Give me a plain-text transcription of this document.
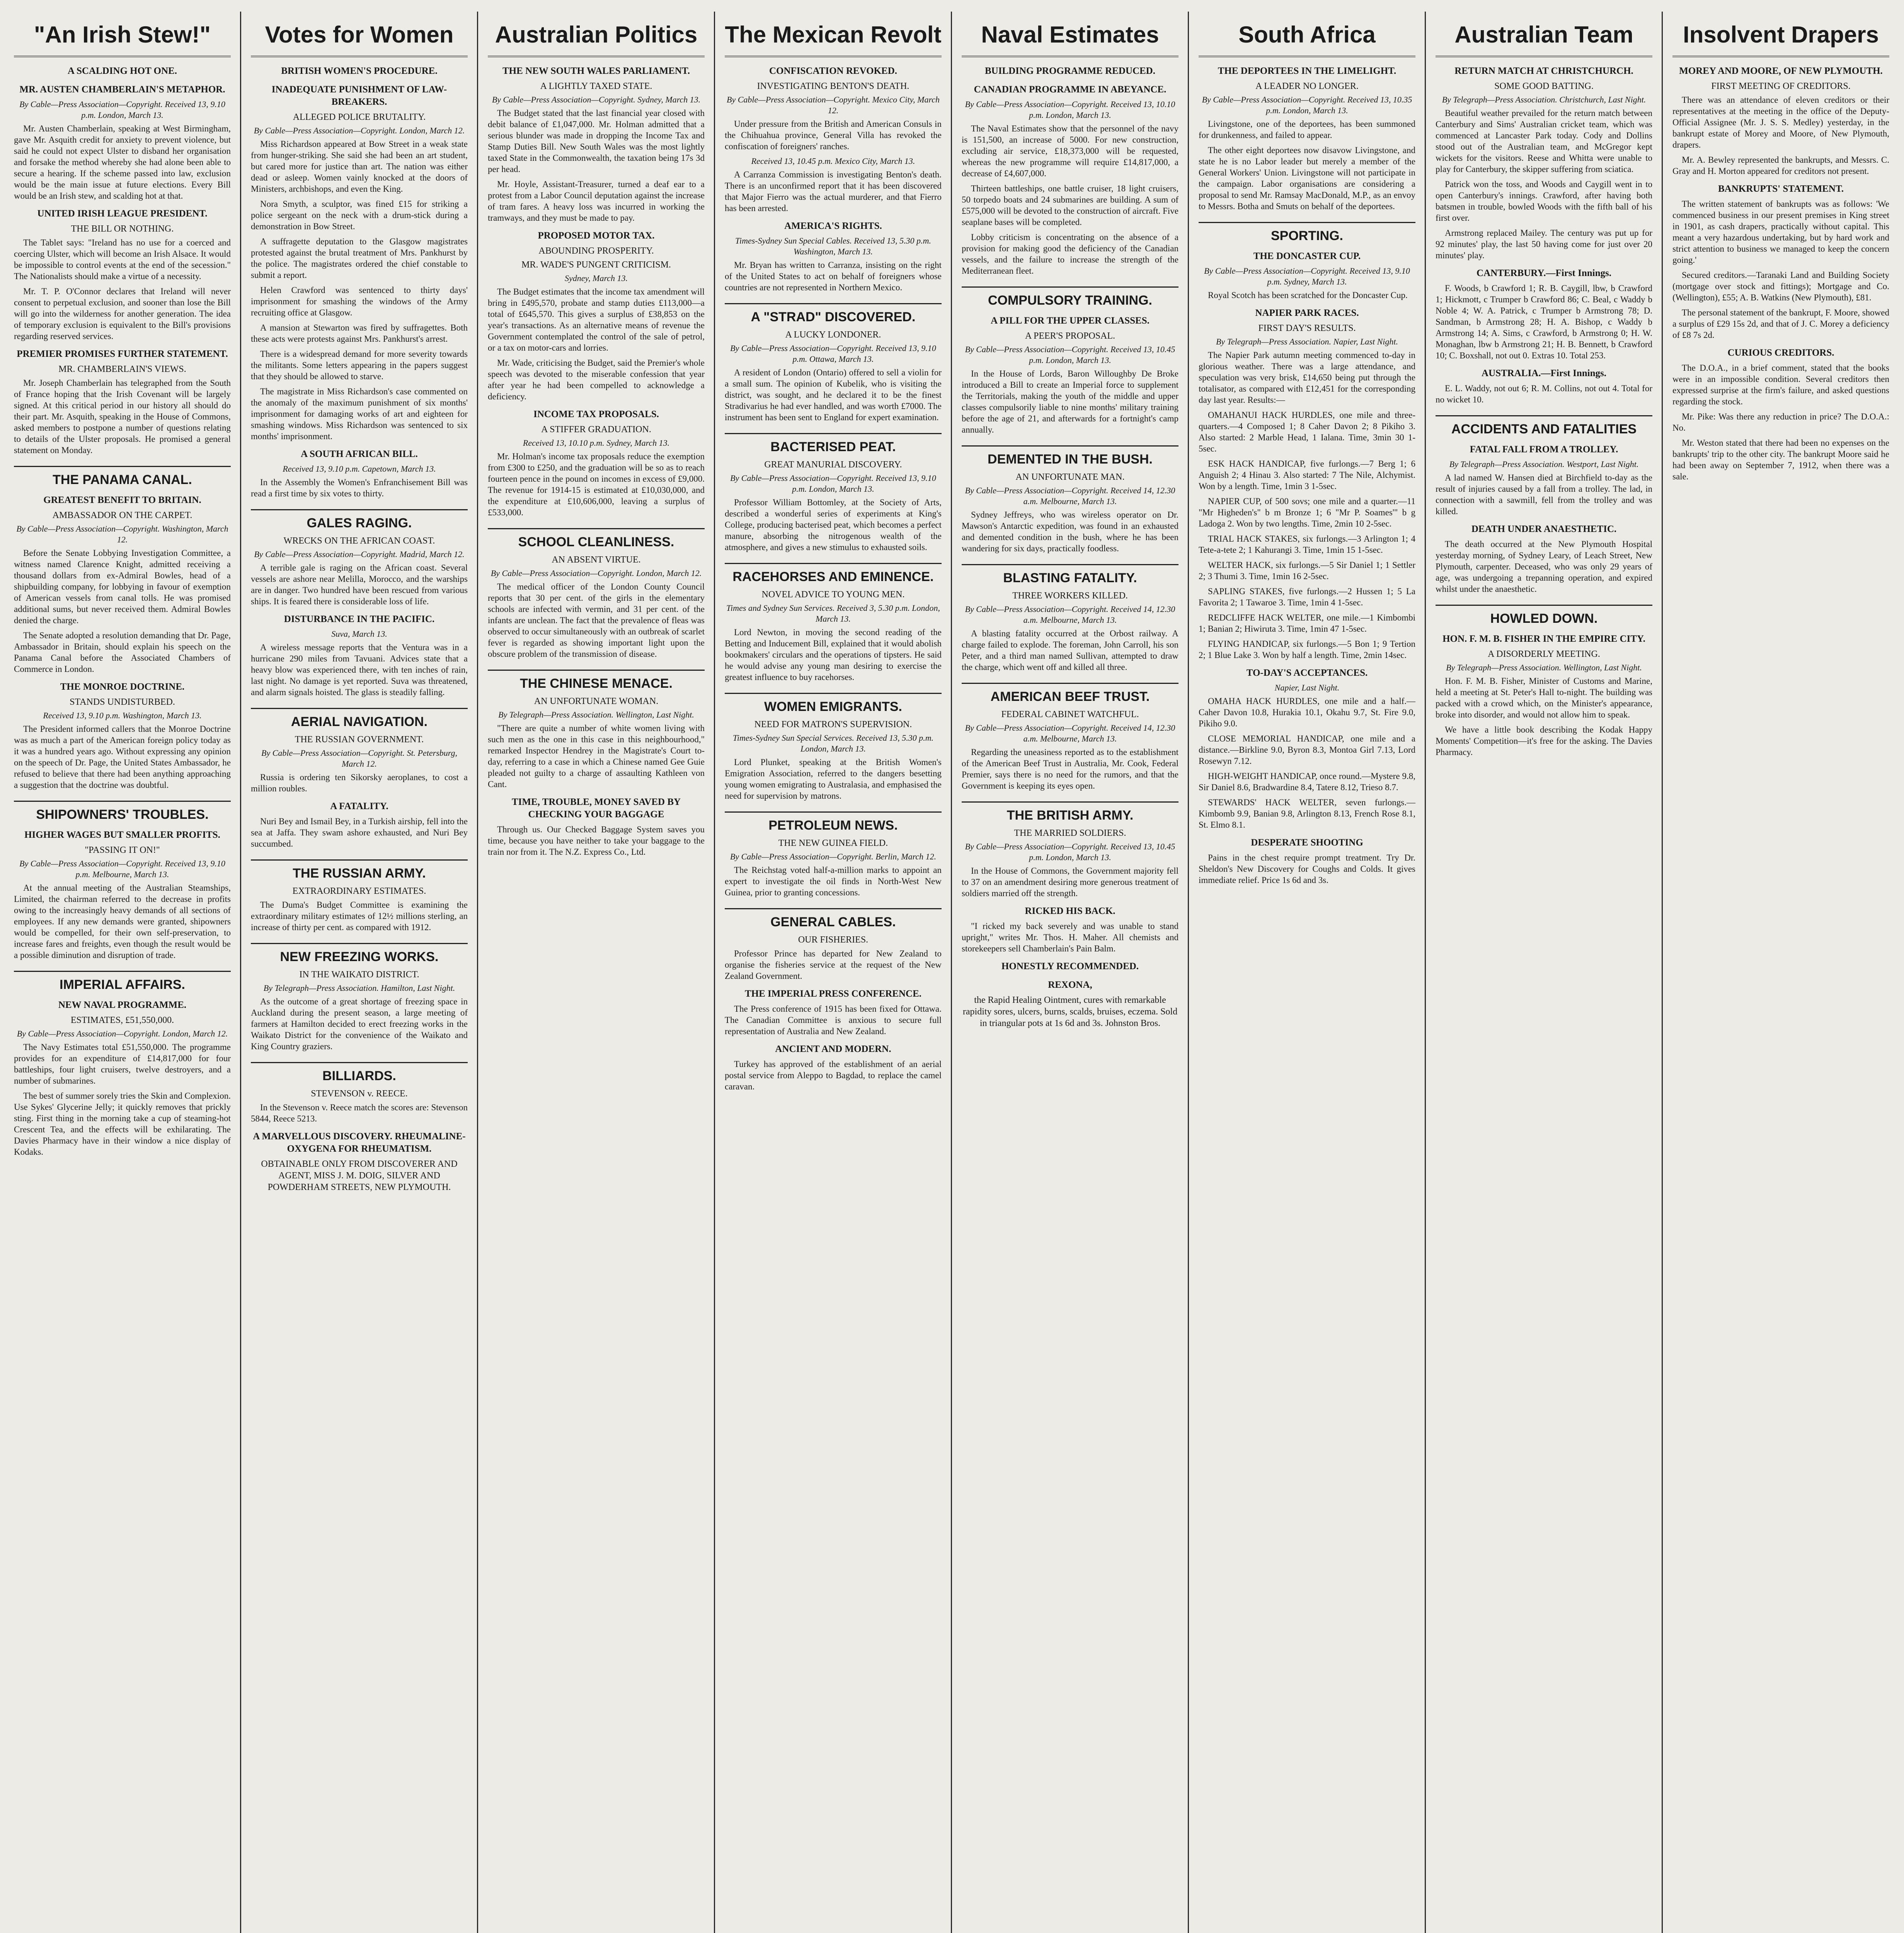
"An Irish Stew!"
A SCALDING HOT ONE.
MR. AUSTEN CHAMBERLAIN'S METAPHOR.
By Cable—Press Association—Copyright. Received 13, 9.10 p.m. London, March 13.
Mr. Austen Chamberlain, speaking at West Birmingham, gave Mr. Asquith credit for anxiety to prevent violence, but said he could not expect Ulster to disband her organisation and forsake the method whereby she had alone been able to secure a hearing. If the scheme passed into law, exclusion would be the main issue at future elections. Every Bill would be an Irish stew, and scalding hot at that.
UNITED IRISH LEAGUE PRESIDENT.
THE BILL OR NOTHING.
The Tablet says: "Ireland has no use for a coerced and coercing Ulster, which will become an Irish Alsace. It would be impossible to control events at the end of the secession." The Nationalists should make a virtue of a necessity.
Mr. T. P. O'Connor declares that Ireland will never consent to perpetual exclusion, and sooner than lose the Bill will go into the wilderness for another generation. The idea of temporary exclusion is equivalent to the Bill's provisions regarding reserved services.
PREMIER PROMISES FURTHER STATEMENT.
MR. CHAMBERLAIN'S VIEWS.
Mr. Joseph Chamberlain has telegraphed from the South of France hoping that the Irish Covenant will be largely signed. At this critical period in our history all should do their part. Mr. Asquith, speaking in the House of Commons, asked members to postpone a number of questions relating to details of the Ulster proposals. He promised a general statement on Monday.
THE PANAMA CANAL.
GREATEST BENEFIT TO BRITAIN.
AMBASSADOR ON THE CARPET.
By Cable—Press Association—Copyright. Washington, March 12.
Before the Senate Lobbying Investigation Committee, a witness named Clarence Knight, admitted receiving a thousand dollars from ex-Admiral Bowles, head of a shipbuilding company, for lobbying in favour of exemption of American vessels from canal tolls. He was promised additional sums, but never received them. Admiral Bowles denied the charge.
The Senate adopted a resolution demanding that Dr. Page, Ambassador in Britain, should explain his speech on the Panama Canal before the Associated Chambers of Commerce in London.
THE MONROE DOCTRINE.
STANDS UNDISTURBED.
Received 13, 9.10 p.m. Washington, March 13.
The President informed callers that the Monroe Doctrine was as much a part of the American foreign policy today as it was a hundred years ago. Without expressing any opinion on the speech of Dr. Page, the United States Ambassador, he refused to believe that there had been anything approaching a suggestion that the doctrine was doubtful.
SHIPOWNERS' TROUBLES.
HIGHER WAGES BUT SMALLER PROFITS.
"PASSING IT ON!"
By Cable—Press Association—Copyright. Received 13, 9.10 p.m. Melbourne, March 13.
At the annual meeting of the Australian Steamships, Limited, the chairman referred to the decrease in profits owing to the increasingly heavy demands of all sections of employees. If any new demands were granted, shipowners would be compelled, for their own self-preservation, to increase fares and freights, even though the result would be a possible diminution and disruption of trade.
IMPERIAL AFFAIRS.
NEW NAVAL PROGRAMME.
ESTIMATES, £51,550,000.
By Cable—Press Association—Copyright. London, March 12.
The Navy Estimates total £51,550,000. The programme provides for an expenditure of £14,817,000 for four battleships, four light cruisers, twelve destroyers, and a number of submarines.
The best of summer sorely tries the Skin and Complexion. Use Sykes' Glycerine Jelly; it quickly removes that prickly sting. First thing in the morning take a cup of steaming-hot Crescent Tea, and the effects will be exhilarating. The Davies Pharmacy have in their window a nice display of Kodaks.
Votes for Women
BRITISH WOMEN'S PROCEDURE.
INADEQUATE PUNISHMENT OF LAW-BREAKERS.
ALLEGED POLICE BRUTALITY.
By Cable—Press Association—Copyright. London, March 12.
Miss Richardson appeared at Bow Street in a weak state from hunger-striking. She said she had been an art student, but cared more for justice than art. The nation was either dead or asleep. Women vainly knocked at the doors of Ministers, archbishops, and even the King.
Nora Smyth, a sculptor, was fined £15 for striking a police sergeant on the neck with a drum-stick during a demonstration in Bow Street.
A suffragette deputation to the Glasgow magistrates protested against the brutal treatment of Mrs. Pankhurst by the police. The magistrates ordered the chief constable to submit a report.
Helen Crawford was sentenced to thirty days' imprisonment for smashing the windows of the Army recruiting office at Glasgow.
A mansion at Stewarton was fired by suffragettes. Both these acts were protests against Mrs. Pankhurst's arrest.
There is a widespread demand for more severity towards the militants. Some letters appearing in the papers suggest that they should be allowed to starve.
The magistrate in Miss Richardson's case commented on the anomaly of the maximum punishment of six months' imprisonment for damaging works of art and eighteen for smashing windows. Miss Richardson was sentenced to six months' imprisonment.
A SOUTH AFRICAN BILL.
Received 13, 9.10 p.m. Capetown, March 13.
In the Assembly the Women's Enfranchisement Bill was read a first time by six votes to thirty.
GALES RAGING.
WRECKS ON THE AFRICAN COAST.
By Cable—Press Association—Copyright. Madrid, March 12.
A terrible gale is raging on the African coast. Several vessels are ashore near Melilla, Morocco, and the warships are in danger. Two hundred have been rescued from various ships. It is feared there is considerable loss of life.
DISTURBANCE IN THE PACIFIC.
Suva, March 13.
A wireless message reports that the Ventura was in a hurricane 290 miles from Tavuani. Advices state that a heavy blow was experienced there, with ten inches of rain, last night. No damage is yet reported. Suva was threatened, and alarm signals hoisted. The glass is steadily falling.
AERIAL NAVIGATION.
THE RUSSIAN GOVERNMENT.
By Cable—Press Association—Copyright. St. Petersburg, March 12.
Russia is ordering ten Sikorsky aeroplanes, to cost a million roubles.
A FATALITY.
Nuri Bey and Ismail Bey, in a Turkish airship, fell into the sea at Jaffa. They swam ashore exhausted, and Nuri Bey succumbed.
THE RUSSIAN ARMY.
EXTRAORDINARY ESTIMATES.
The Duma's Budget Committee is examining the extraordinary military estimates of 12½ millions sterling, an increase of thirty per cent. as compared with 1912.
NEW FREEZING WORKS.
IN THE WAIKATO DISTRICT.
By Telegraph—Press Association. Hamilton, Last Night.
As the outcome of a great shortage of freezing space in Auckland during the present season, a large meeting of farmers at Hamilton decided to erect freezing works in the Waikato District for the convenience of the Waikato and King Country graziers.
BILLIARDS.
STEVENSON v. REECE.
In the Stevenson v. Reece match the scores are: Stevenson 5844, Reece 5213.
A MARVELLOUS DISCOVERY. RHEUMALINE-OXYGENA FOR RHEUMATISM.
OBTAINABLE ONLY FROM DISCOVERER AND AGENT, MISS J. M. DOIG, SILVER AND POWDERHAM STREETS, NEW PLYMOUTH.
Australian Politics
THE NEW SOUTH WALES PARLIAMENT.
A LIGHTLY TAXED STATE.
By Cable—Press Association—Copyright. Sydney, March 13.
The Budget stated that the last financial year closed with debit balance of £1,047,000. Mr. Holman admitted that a serious blunder was made in dropping the Income Tax and Stamp Duties Bill. New South Wales was the most lightly taxed State in the Commonwealth, the taxation being 17s 3d per head.
Mr. Hoyle, Assistant-Treasurer, turned a deaf ear to a protest from a Labor Council deputation against the increase of tram fares. A heavy loss was incurred in working the tramways, and they must be made to pay.
PROPOSED MOTOR TAX.
ABOUNDING PROSPERITY.
MR. WADE'S PUNGENT CRITICISM.
Sydney, March 13.
The Budget estimates that the income tax amendment will bring in £495,570, probate and stamp duties £113,000—a total of £645,570. This gives a surplus of £38,853 on the year's transactions. As an alternative means of revenue the Government contemplated the control of the sale of petrol, or a tax on motor-cars and lorries.
Mr. Wade, criticising the Budget, said the Premier's whole speech was devoted to the miserable confession that year after year he had been compelled to acknowledge a deficiency.
INCOME TAX PROPOSALS.
A STIFFER GRADUATION.
Received 13, 10.10 p.m. Sydney, March 13.
Mr. Holman's income tax proposals reduce the exemption from £300 to £250, and the graduation will be so as to reach fourteen pence in the pound on incomes in excess of £9,000. The revenue for 1914-15 is estimated at £10,030,000, and the expenditure at £10,606,000, leaving a surplus of £533,000.
SCHOOL CLEANLINESS.
AN ABSENT VIRTUE.
By Cable—Press Association—Copyright. London, March 12.
The medical officer of the London County Council reports that 30 per cent. of the girls in the elementary schools are infected with vermin, and 31 per cent. of the infants are unclean. The fact that the prevalence of fleas was observed to occur simultaneously with an outbreak of scarlet fever is regarded as showing important light upon the obscure problem of the transmission of disease.
THE CHINESE MENACE.
AN UNFORTUNATE WOMAN.
By Telegraph—Press Association. Wellington, Last Night.
"There are quite a number of white women living with such men as the one in this case in this neighbourhood," remarked Inspector Hendrey in the Magistrate's Court to-day, referring to a case in which a Chinese named Gee Guie pleaded not guilty to a charge of assaulting Kathleen von Cant.
TIME, TROUBLE, MONEY SAVED BY CHECKING YOUR BAGGAGE
Through us. Our Checked Baggage System saves you time, because you have neither to take your baggage to the train nor from it. The N.Z. Express Co., Ltd.
The Mexican Revolt
CONFISCATION REVOKED.
INVESTIGATING BENTON'S DEATH.
By Cable—Press Association—Copyright. Mexico City, March 12.
Under pressure from the British and American Consuls in the Chihuahua province, General Villa has revoked the confiscation of foreigners' ranches.
Received 13, 10.45 p.m. Mexico City, March 13.
A Carranza Commission is investigating Benton's death. There is an unconfirmed report that it has been discovered that Major Fierro was the actual murderer, and that Fierro has been arrested.
AMERICA'S RIGHTS.
Times-Sydney Sun Special Cables. Received 13, 5.30 p.m. Washington, March 13.
Mr. Bryan has written to Carranza, insisting on the right of the United States to act on behalf of foreigners whose countries are not represented in Northern Mexico.
A "STRAD" DISCOVERED.
A LUCKY LONDONER.
By Cable—Press Association—Copyright. Received 13, 9.10 p.m. Ottawa, March 13.
A resident of London (Ontario) offered to sell a violin for a small sum. The opinion of Kubelik, who is visiting the district, was sought, and he declared it to be the finest Stradivarius he had ever handled, and was worth £7000. The instrument has been sent to England for expert examination.
BACTERISED PEAT.
GREAT MANURIAL DISCOVERY.
By Cable—Press Association—Copyright. Received 13, 9.10 p.m. London, March 13.
Professor William Bottomley, at the Society of Arts, described a wonderful series of experiments at King's College, producing bacterised peat, which becomes a perfect manure, absorbing the nitrogenous wealth of the atmosphere, and gives a new stimulus to exhausted soils.
RACEHORSES AND EMINENCE.
NOVEL ADVICE TO YOUNG MEN.
Times and Sydney Sun Services. Received 3, 5.30 p.m. London, March 13.
Lord Newton, in moving the second reading of the Betting and Inducement Bill, explained that it would abolish bookmakers' circulars and the operations of tipsters. He said he would advise any young man desiring to exercise the greatest influence to buy racehorses.
WOMEN EMIGRANTS.
NEED FOR MATRON'S SUPERVISION.
Times-Sydney Sun Special Services. Received 13, 5.30 p.m. London, March 13.
Lord Plunket, speaking at the British Women's Emigration Association, referred to the dangers besetting young women emigrating to Australasia, and emphasised the need for supervision by matrons.
PETROLEUM NEWS.
THE NEW GUINEA FIELD.
By Cable—Press Association—Copyright. Berlin, March 12.
The Reichstag voted half-a-million marks to appoint an expert to investigate the oil finds in North-West New Guinea, prior to granting concessions.
GENERAL CABLES.
OUR FISHERIES.
Professor Prince has departed for New Zealand to organise the fisheries service at the request of the New Zealand Government.
THE IMPERIAL PRESS CONFERENCE.
The Press conference of 1915 has been fixed for Ottawa. The Canadian Committee is anxious to secure full representation of Australia and New Zealand.
ANCIENT AND MODERN.
Turkey has approved of the establishment of an aerial postal service from Aleppo to Bagdad, to replace the camel caravan.
Naval Estimates
BUILDING PROGRAMME REDUCED.
CANADIAN PROGRAMME IN ABEYANCE.
By Cable—Press Association—Copyright. Received 13, 10.10 p.m. London, March 13.
The Naval Estimates show that the personnel of the navy is 151,500, an increase of 5000. For new construction, excluding air service, £18,373,000 will be requested, whereas the new programme will require £14,817,000, a decrease of £4,607,000.
Thirteen battleships, one battle cruiser, 18 light cruisers, 50 torpedo boats and 24 submarines are building. A sum of £575,000 will be devoted to the construction of aircraft. Five seaplane bases will be completed.
Lobby criticism is concentrating on the absence of a provision for making good the deficiency of the Canadian vessels, and the failure to increase the strength of the Mediterranean fleet.
COMPULSORY TRAINING.
A PILL FOR THE UPPER CLASSES.
A PEER'S PROPOSAL.
By Cable—Press Association—Copyright. Received 13, 10.45 p.m. London, March 13.
In the House of Lords, Baron Willoughby De Broke introduced a Bill to create an Imperial force to supplement the Territorials, making the youth of the middle and upper classes compulsorily liable to nine months' military training before the age of 21, and afterwards for a fortnight's camp annually.
DEMENTED IN THE BUSH.
AN UNFORTUNATE MAN.
By Cable—Press Association—Copyright. Received 14, 12.30 a.m. Melbourne, March 13.
Sydney Jeffreys, who was wireless operator on Dr. Mawson's Antarctic expedition, was found in an exhausted and demented condition in the bush, where he has been wandering for six days, practically foodless.
BLASTING FATALITY.
THREE WORKERS KILLED.
By Cable—Press Association—Copyright. Received 14, 12.30 a.m. Melbourne, March 13.
A blasting fatality occurred at the Orbost railway. A charge failed to explode. The foreman, John Carroll, his son Peter, and a third man named Sullivan, attempted to draw the charge, which went off and killed all three.
AMERICAN BEEF TRUST.
FEDERAL CABINET WATCHFUL.
By Cable—Press Association—Copyright. Received 14, 12.30 a.m. Melbourne, March 13.
Regarding the uneasiness reported as to the establishment of the American Beef Trust in Australia, Mr. Cook, Federal Premier, says there is no need for the rumors, and that the Government is keeping its eyes open.
THE BRITISH ARMY.
THE MARRIED SOLDIERS.
By Cable—Press Association—Copyright. Received 13, 10.45 p.m. London, March 13.
In the House of Commons, the Government majority fell to 37 on an amendment desiring more generous treatment of soldiers married off the strength.
RICKED HIS BACK.
"I ricked my back severely and was unable to stand upright," writes Mr. Thos. H. Maher. All chemists and storekeepers sell Chamberlain's Pain Balm.
HONESTLY RECOMMENDED.
REXONA,
the Rapid Healing Ointment, cures with remarkable rapidity sores, ulcers, burns, scalds, bruises, eczema. Sold in triangular pots at 1s 6d and 3s. Johnston Bros.
South Africa
THE DEPORTEES IN THE LIMELIGHT.
A LEADER NO LONGER.
By Cable—Press Association—Copyright. Received 13, 10.35 p.m. London, March 13.
Livingstone, one of the deportees, has been summoned for drunkenness, and failed to appear.
The other eight deportees now disavow Livingstone, and state he is no Labor leader but merely a member of the General Workers' Union. Livingstone will not participate in the campaign. Labor organisations are considering a proposal to send Mr. Ramsay MacDonald, M.P., as an envoy to Messrs. Botha and Smuts on behalf of the deportees.
SPORTING.
THE DONCASTER CUP.
By Cable—Press Association—Copyright. Received 13, 9.10 p.m. Sydney, March 13.
Royal Scotch has been scratched for the Doncaster Cup.
NAPIER PARK RACES.
FIRST DAY'S RESULTS.
By Telegraph—Press Association. Napier, Last Night.
The Napier Park autumn meeting commenced to-day in glorious weather. There was a large attendance, and speculation was very brisk, £14,650 being put through the totalisator, as compared with £12,451 for the corresponding day last year. Results:—
OMAHANUI HACK HURDLES, one mile and three-quarters.—4 Composed 1; 8 Caher Davon 2; 8 Pikiho 3. Also started: 2 Marble Head, 1 Ialana. Time, 3min 30 1-5sec.
ESK HACK HANDICAP, five furlongs.—7 Berg 1; 6 Anguish 2; 4 Hinau 3. Also started: 7 The Nile, Alchymist. Won by a length. Time, 1min 3 1-5sec.
NAPIER CUP, of 500 sovs; one mile and a quarter.—11 "Mr Higheden's" b m Bronze 1; 6 "Mr P. Soames'" b g Ladoga 2. Won by two lengths. Time, 2min 10 2-5sec.
TRIAL HACK STAKES, six furlongs.—3 Arlington 1; 4 Tete-a-tete 2; 1 Kahurangi 3. Time, 1min 15 1-5sec.
WELTER HACK, six furlongs.—5 Sir Daniel 1; 1 Settler 2; 3 Thumi 3. Time, 1min 16 2-5sec.
SAPLING STAKES, five furlongs.—2 Hussen 1; 5 La Favorita 2; 1 Tawaroe 3. Time, 1min 4 1-5sec.
REDCLIFFE HACK WELTER, one mile.—1 Kimbombi 1; Banian 2; Hiwiruta 3. Time, 1min 47 1-5sec.
FLYING HANDICAP, six furlongs.—5 Bon 1; 9 Tertion 2; 1 Blue Lake 3. Won by half a length. Time, 2min 14sec.
TO-DAY'S ACCEPTANCES.
Napier, Last Night.
OMAHA HACK HURDLES, one mile and a half.—Caher Davon 10.8, Hurakia 10.1, Okahu 9.7, St. Fire 9.0, Pikiho 9.0.
CLOSE MEMORIAL HANDICAP, one mile and a distance.—Birkline 9.0, Byron 8.3, Montoa Girl 7.13, Lord Rosewyn 7.12.
HIGH-WEIGHT HANDICAP, once round.—Mystere 9.8, Sir Daniel 8.6, Bradwardine 8.4, Tatere 8.12, Trieso 8.7.
STEWARDS' HACK WELTER, seven furlongs.—Kimbomb 9.9, Banian 9.8, Arlington 8.13, French Rose 8.1, St. Elmo 8.1.
DESPERATE SHOOTING
Pains in the chest require prompt treatment. Try Dr. Sheldon's New Discovery for Coughs and Colds. It gives immediate relief. Price 1s 6d and 3s.
Australian Team
RETURN MATCH AT CHRISTCHURCH.
SOME GOOD BATTING.
By Telegraph—Press Association. Christchurch, Last Night.
Beautiful weather prevailed for the return match between Canterbury and Sims' Australian cricket team, which was commenced at Lancaster Park today. Cody and Dollins stood out of the Australian team, and McGregor kept wickets for the visitors. Reese and Whitta were unable to play for Canterbury, the skipper suffering from sciatica.
Patrick won the toss, and Woods and Caygill went in to open Canterbury's innings. Crawford, after having both batsmen in trouble, bowled Woods with the fifth ball of his first over.
Armstrong replaced Mailey. The century was put up for 92 minutes' play, the last 50 having come for just over 20 minutes' play.
CANTERBURY.—First Innings.
F. Woods, b Crawford 1; R. B. Caygill, lbw, b Crawford 1; Hickmott, c Trumper b Crawford 86; C. Beal, c Waddy b Noble 4; W. A. Patrick, c Trumper b Armstrong 78; D. Sandman, b Armstrong 28; H. A. Bishop, c Waddy b Armstrong 14; A. Sims, c Crawford, b Armstrong 0; H. W. Monaghan, lbw b Armstrong 21; H. B. Bennett, b Crawford 10; C. Boxshall, not out 0. Extras 10. Total 253.
AUSTRALIA.—First Innings.
E. L. Waddy, not out 6; R. M. Collins, not out 4. Total for no wicket 10.
ACCIDENTS AND FATALITIES
FATAL FALL FROM A TROLLEY.
By Telegraph—Press Association. Westport, Last Night.
A lad named W. Hansen died at Birchfield to-day as the result of injuries caused by a fall from a trolley. The lad, in connection with a sawmill, fell from the trolley and was killed.
DEATH UNDER ANAESTHETIC.
The death occurred at the New Plymouth Hospital yesterday morning, of Sydney Leary, of Leach Street, New Plymouth, carpenter. Deceased, who was only 29 years of age, was undergoing a trepanning operation, and expired whilst under the anaesthetic.
HOWLED DOWN.
HON. F. M. B. FISHER IN THE EMPIRE CITY.
A DISORDERLY MEETING.
By Telegraph—Press Association. Wellington, Last Night.
Hon. F. M. B. Fisher, Minister of Customs and Marine, held a meeting at St. Peter's Hall to-night. The building was packed with a crowd which, on the Minister's appearance, broke into disorder, and would not allow him to speak.
We have a little book describing the Kodak Happy Moments' Competition—it's free for the asking. The Davies Pharmacy.
Insolvent Drapers
MOREY AND MOORE, OF NEW PLYMOUTH.
FIRST MEETING OF CREDITORS.
There was an attendance of eleven creditors or their representatives at the meeting in the office of the Deputy-Official Assignee (Mr. J. S. S. Medley) yesterday, in the bankrupt estate of Morey and Moore, of New Plymouth, drapers.
Mr. A. Bewley represented the bankrupts, and Messrs. C. Gray and H. Morton appeared for creditors not present.
BANKRUPTS' STATEMENT.
The written statement of bankrupts was as follows: 'We commenced business in our present premises in King street in 1901, as cash drapers, practically without capital. This meant a very hazardous undertaking, but by hard work and strict attention to business we managed to keep the concern going.'
Secured creditors.—Taranaki Land and Building Society (mortgage over stock and fittings); Mortgage and Co. (Wellington), £55; A. B. Watkins (New Plymouth), £81.
The personal statement of the bankrupt, F. Moore, showed a surplus of £29 15s 2d, and that of J. C. Morey a deficiency of £8 7s 2d.
CURIOUS CREDITORS.
The D.O.A., in a brief comment, stated that the books were in an impossible condition. Several creditors then expressed surprise at the firm's failure, and asked questions regarding the stock.
Mr. Pike: Was there any reduction in price? The D.O.A.: No.
Mr. Weston stated that there had been no expenses on the bankrupts' trip to the other city. The bankrupt Moore said he had been away on September 7, 1912, when there was a sale.
